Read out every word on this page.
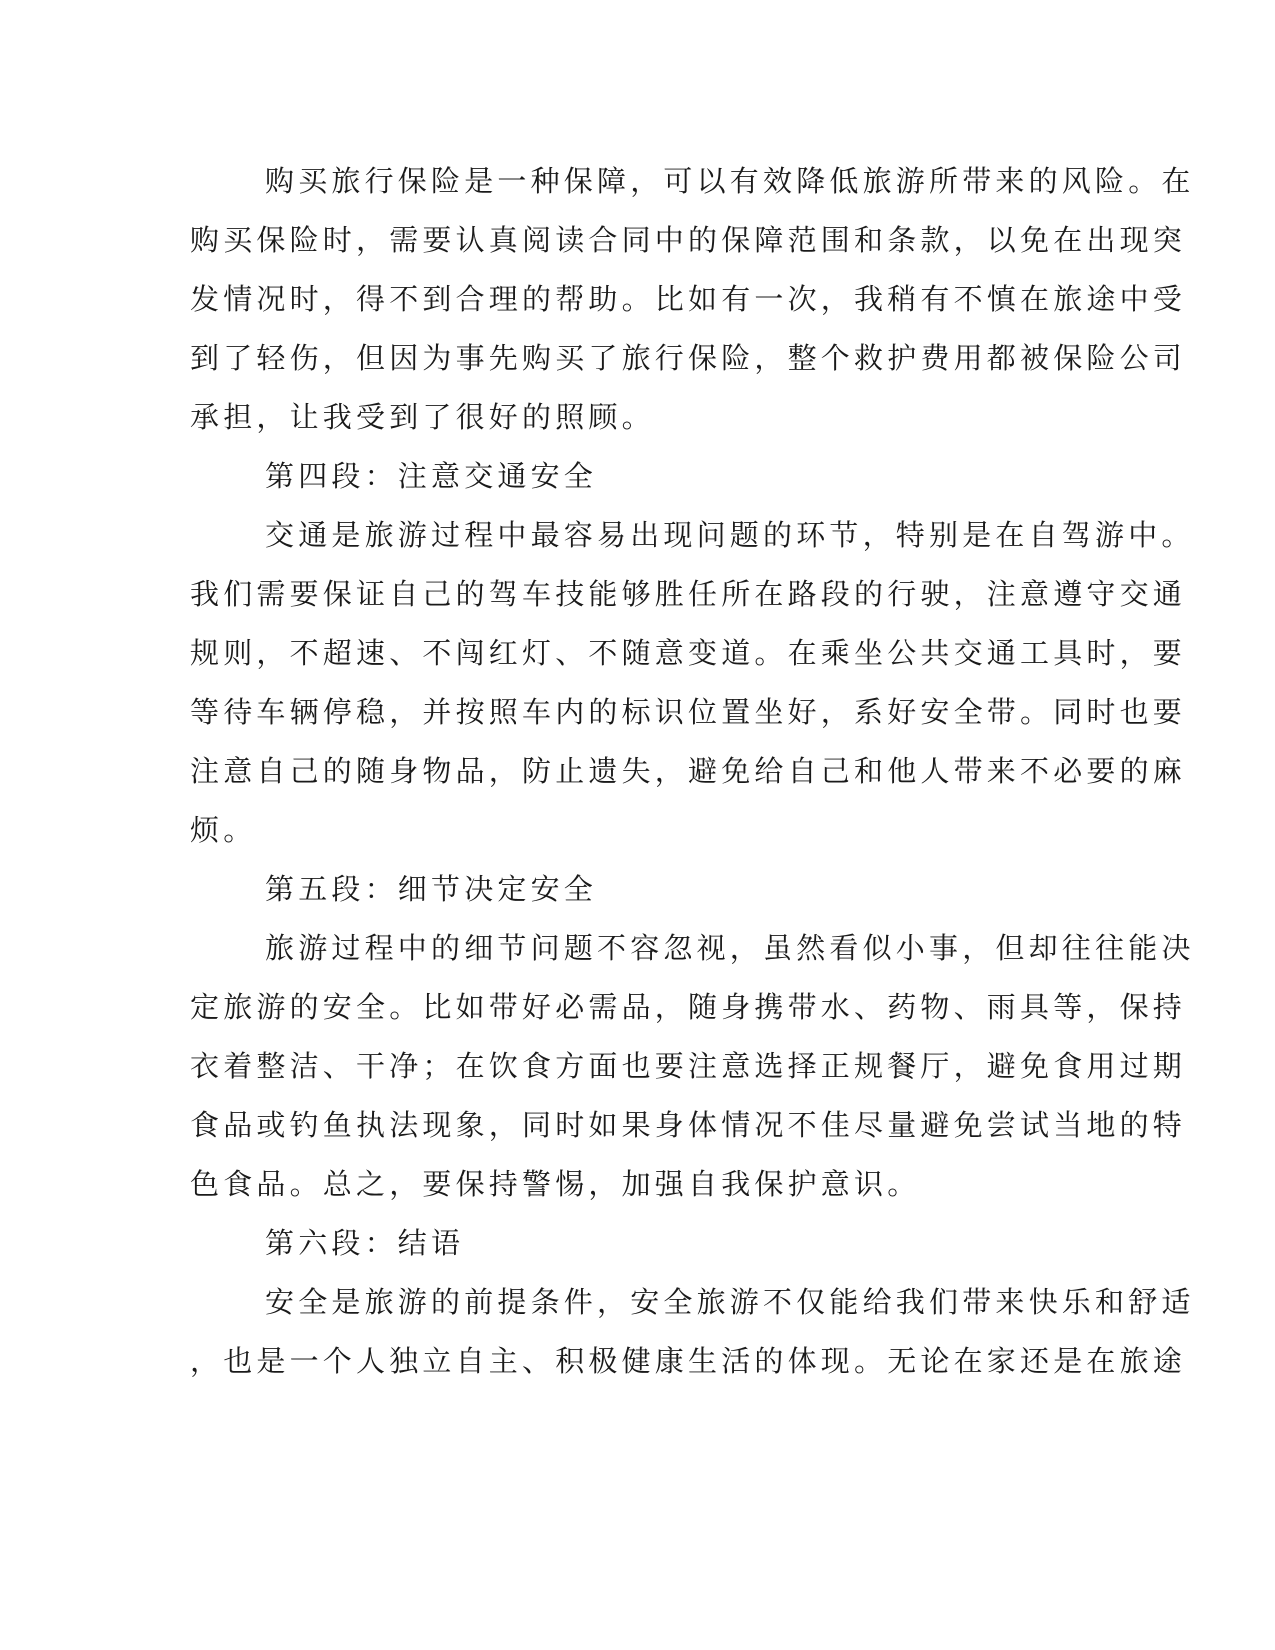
购买旅行保险是一种保障，可以有效降低旅游所带来的风险。在
购买保险时，需要认真阅读合同中的保障范围和条款，以免在出现突
发情况时，得不到合理的帮助。比如有一次，我稍有不慎在旅途中受
到了轻伤，但因为事先购买了旅行保险，整个救护费用都被保险公司
承担，让我受到了很好的照顾。
第四段：注意交通安全
交通是旅游过程中最容易出现问题的环节，特别是在自驾游中。
我们需要保证自己的驾车技能够胜任所在路段的行驶，注意遵守交通
规则，不超速、不闯红灯、不随意变道。在乘坐公共交通工具时，要
等待车辆停稳，并按照车内的标识位置坐好，系好安全带。同时也要
注意自己的随身物品，防止遗失，避免给自己和他人带来不必要的麻
烦。
第五段：细节决定安全
旅游过程中的细节问题不容忽视，虽然看似小事，但却往往能决
定旅游的安全。比如带好必需品，随身携带水、药物、雨具等，保持
衣着整洁、干净；在饮食方面也要注意选择正规餐厅，避免食用过期
食品或钓鱼执法现象，同时如果身体情况不佳尽量避免尝试当地的特
色食品。总之，要保持警惕，加强自我保护意识。
第六段：结语
安全是旅游的前提条件，安全旅游不仅能给我们带来快乐和舒适
，也是一个人独立自主、积极健康生活的体现。无论在家还是在旅途
